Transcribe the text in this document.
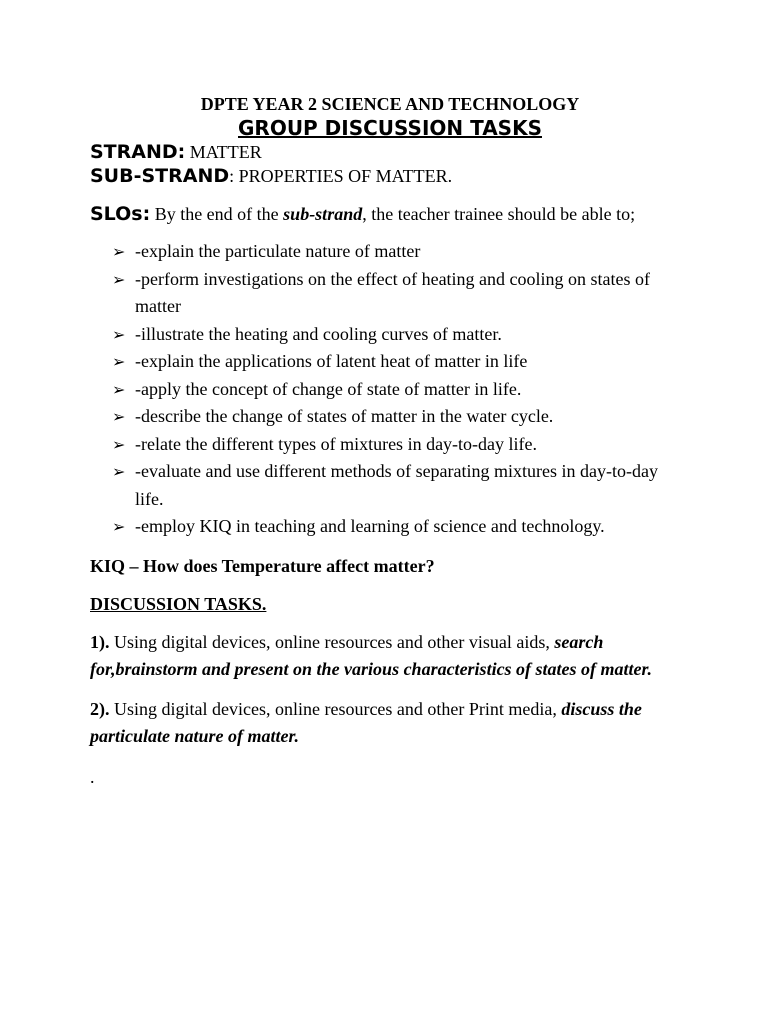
DPTE YEAR 2 SCIENCE AND TECHNOLOGY
GROUP DISCUSSION TASKS
STRAND: MATTER
SUB-STRAND: PROPERTIES OF MATTER.
SLOs: By the end of the sub-strand, the teacher trainee should be able to;
➢ -explain the particulate nature of matter
➢ -perform investigations on the effect of heating and cooling on states of matter
➢ -illustrate the heating and cooling curves of matter.
➢ -explain the applications of latent heat of matter in life
➢ -apply the concept of change of state of matter in life.
➢ -describe the change of states of matter in the water cycle.
➢ -relate the different types of mixtures in day-to-day life.
➢ -evaluate and use different methods of separating mixtures in day-to-day life.
➢ -employ KIQ in teaching and learning of science and technology.
KIQ – How does Temperature affect matter?
DISCUSSION TASKS.
1). Using digital devices, online resources and other visual aids, search for,brainstorm and present on the various characteristics of states of matter.
2). Using digital devices, online resources and other Print media, discuss the particulate nature of matter.
.
